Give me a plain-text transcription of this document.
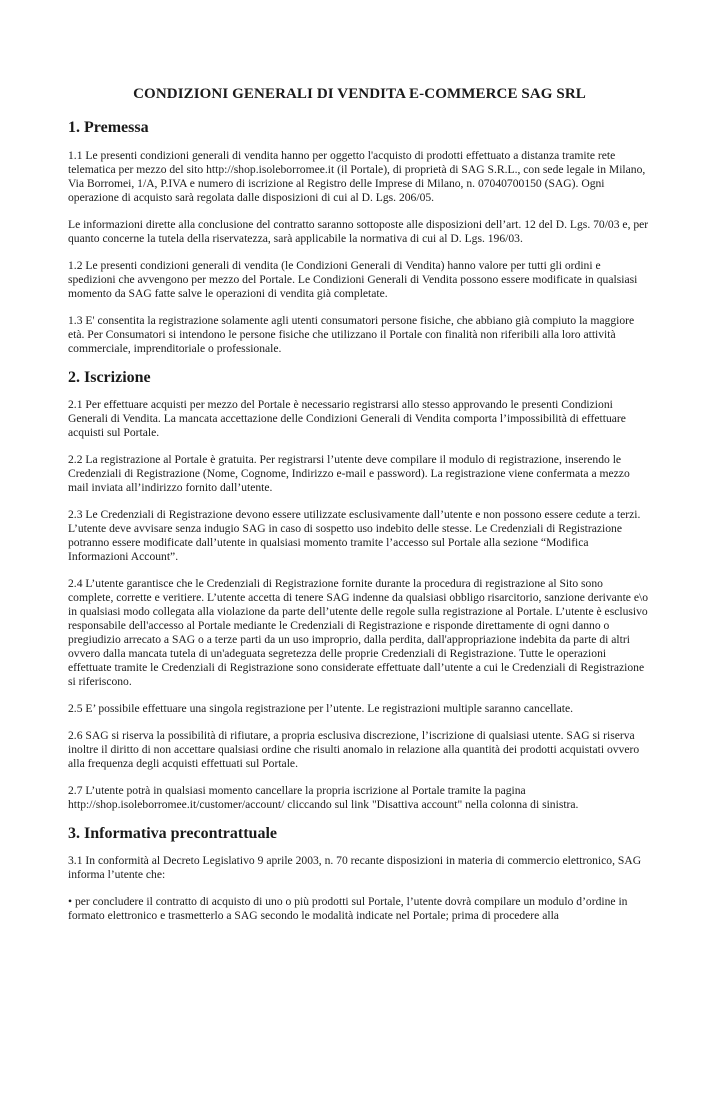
CONDIZIONI GENERALI DI VENDITA E-COMMERCE SAG SRL
1. Premessa

1.1 Le presenti condizioni generali di vendita hanno per oggetto l'acquisto di prodotti effettuato a distanza tramite rete telematica per mezzo del sito http://shop.isoleborromee.it (il Portale), di proprietà di SAG S.R.L., con sede legale in Milano, Via Borromei, 1/A, P.IVA e numero di iscrizione al Registro delle Imprese di Milano, n. 07040700150 (SAG). Ogni operazione di acquisto sarà regolata dalle disposizioni di cui al D. Lgs. 206/05.

Le informazioni dirette alla conclusione del contratto saranno sottoposte alle disposizioni dell’art. 12 del D. Lgs. 70/03 e, per quanto concerne la tutela della riservatezza, sarà applicabile la normativa di cui al D. Lgs. 196/03.

1.2 Le presenti condizioni generali di vendita (le Condizioni Generali di Vendita) hanno valore per tutti gli ordini e spedizioni che avvengono per mezzo del Portale. Le Condizioni Generali di Vendita possono essere modificate in qualsiasi momento da SAG fatte salve le operazioni di vendita già completate.

1.3 E' consentita la registrazione solamente agli utenti consumatori persone fisiche, che abbiano già compiuto la maggiore età. Per Consumatori si intendono le persone fisiche che utilizzano il Portale con finalità non riferibili alla loro attività commerciale, imprenditoriale o professionale.

2. Iscrizione

2.1 Per effettuare acquisti per mezzo del Portale è necessario registrarsi allo stesso approvando le presenti Condizioni Generali di Vendita. La mancata accettazione delle Condizioni Generali di Vendita comporta l’impossibilità di effettuare acquisti sul Portale.

2.2 La registrazione al Portale è gratuita. Per registrarsi l’utente deve compilare il modulo di registrazione, inserendo le Credenziali di Registrazione (Nome, Cognome, Indirizzo e-mail e password). La registrazione viene confermata a mezzo mail inviata all’indirizzo fornito dall’utente.

2.3 Le Credenziali di Registrazione devono essere utilizzate esclusivamente dall’utente e non possono essere cedute a terzi. L’utente deve avvisare senza indugio SAG in caso di sospetto uso indebito delle stesse. Le Credenziali di Registrazione potranno essere modificate dall’utente in qualsiasi momento tramite l’accesso sul Portale alla sezione “Modifica Informazioni Account”.

2.4 L’utente garantisce che le Credenziali di Registrazione fornite durante la procedura di registrazione al Sito sono complete, corrette e veritiere. L’utente accetta di tenere SAG indenne da qualsiasi obbligo risarcitorio, sanzione derivante e\o in qualsiasi modo collegata alla violazione da parte dell’utente delle regole sulla registrazione al Portale. L’utente è esclusivo responsabile dell'accesso al Portale mediante le Credenziali di Registrazione e risponde direttamente di ogni danno o pregiudizio arrecato a SAG o a terze parti da un uso improprio, dalla perdita, dall'appropriazione indebita da parte di altri ovvero dalla mancata tutela di un'adeguata segretezza delle proprie Credenziali di Registrazione. Tutte le operazioni effettuate tramite le Credenziali di Registrazione sono considerate effettuate dall’utente a cui le Credenziali di Registrazione si riferiscono.

2.5 E’ possibile effettuare una singola registrazione per l’utente. Le registrazioni multiple saranno cancellate.

2.6 SAG si riserva la possibilità di rifiutare, a propria esclusiva discrezione, l’iscrizione di qualsiasi utente. SAG si riserva inoltre il diritto di non accettare qualsiasi ordine che risulti anomalo in relazione alla quantità dei prodotti acquistati ovvero alla frequenza degli acquisti effettuati sul Portale.

2.7 L’utente potrà in qualsiasi momento cancellare la propria iscrizione al Portale tramite la pagina http://shop.isoleborromee.it/customer/account/ cliccando sul link "Disattiva account" nella colonna di sinistra.

3. Informativa precontrattuale

3.1 In conformità al Decreto Legislativo 9 aprile 2003, n. 70 recante disposizioni in materia di commercio elettronico, SAG informa l’utente che:

• per concludere il contratto di acquisto di uno o più prodotti sul Portale, l’utente dovrà compilare un modulo d’ordine in formato elettronico e trasmetterlo a SAG secondo le modalità indicate nel Portale; prima di procedere alla
